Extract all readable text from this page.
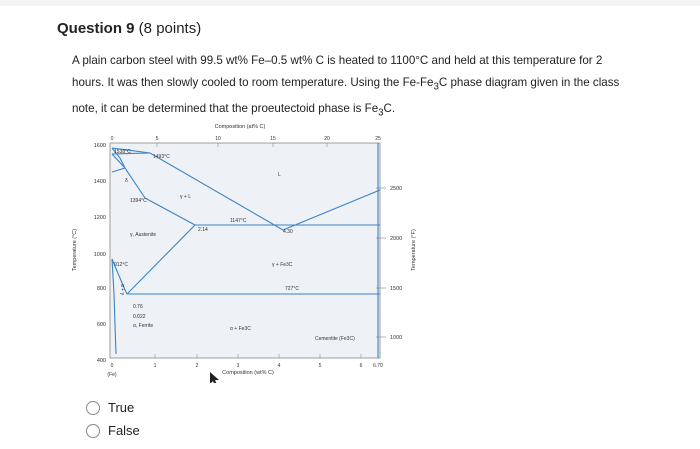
Question 9 (8 points)
A plain carbon steel with 99.5 wt% Fe–0.5 wt% C is heated to 1100°C and held at this temperature for 2 hours. It was then slowly cooled to room temperature. Using the $Fe-Fe_3C$ phase diagram given in the class note, it can be determined that the proeutectoid phase is $Fe_3C$.
Composition (at% C)
0	5	10	15	20	25
Temperature (°C)
1600
1400
1200
1000
800
600
400
Temperature (°F)
2500
2000
1500
1000
0	1	2	3	4	5	6 6.70
(Fe)	Composition (wt% C)
1538°C
1493°C
1394°C
δ
1147°C
2.14	4.30
912°C
727°C
0.76
0.022
γ + L
L
γ, Austenite
γ + Fe3C
α + γ
α, Ferrite	α + Fe3C
Cementite (Fe3C)
True
False
